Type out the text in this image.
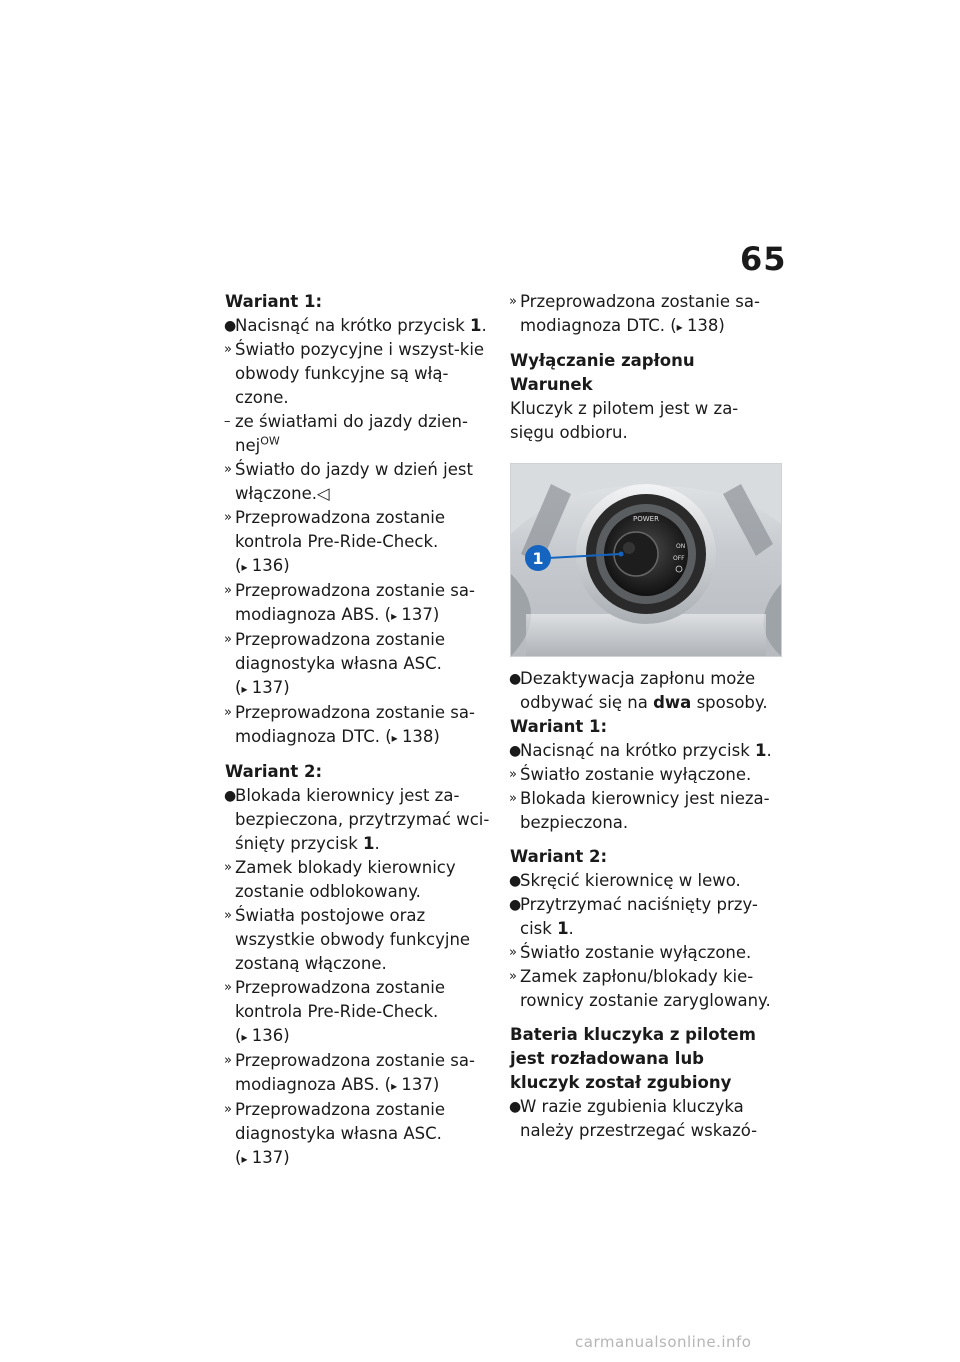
65
Wariant 1:
●
Nacisnąć na krótko przycisk 1.
» Światło pozycyjne i wszyst-kie obwody funkcyjne są włą-czone.
– ze światłami do jazdy dzien-nej$^{OW}$
» Światło do jazdy w dzień jest włączone.◁
» Przeprowadzona zostanie kontrola Pre-Ride-Check. (▸ 136)
» Przeprowadzona zostanie sa-modiagnoza ABS. (▸ 137)
» Przeprowadzona zostanie diagnostyka własna ASC. (▸ 137)
» Przeprowadzona zostanie sa-modiagnoza DTC. (▸ 138)
Wariant 2:
●
Blokada kierownicy jest za-bezpieczona, przytrzymać wci-śnięty przycisk 1.
» Zamek blokady kierownicy zostanie odblokowany.
» Światła postojowe oraz wszystkie obwody funkcyjne zostaną włączone.
» Przeprowadzona zostanie kontrola Pre-Ride-Check. (▸ 136)
» Przeprowadzona zostanie sa-modiagnoza ABS. (▸ 137)
» Przeprowadzona zostanie diagnostyka własna ASC. (▸ 137)
» Przeprowadzona zostanie sa-modiagnoza DTC. (▸ 138)
Wyłączanie zapłonu
Warunek
Kluczyk z pilotem jest w za-sięgu odbioru.
POWER
ON
OFF
1
●
Dezaktywacja zapłonu może odbywać się na dwa sposoby.
Wariant 1:
●
Nacisnąć na krótko przycisk 1.
» Światło zostanie wyłączone.
» Blokada kierownicy jest nieza-bezpieczona.
Wariant 2:
●
Skręcić kierownicę w lewo.
●
Przytrzymać naciśnięty przy-cisk 1.
» Światło zostanie wyłączone.
» Zamek zapłonu/blokady kie-rownicy zostanie zaryglowany.
Bateria kluczyka z pilotem jest rozładowana lub kluczyk został zgubiony
●
W razie zgubienia kluczyka należy przestrzegać wskazó-
carmanualsonline.info
